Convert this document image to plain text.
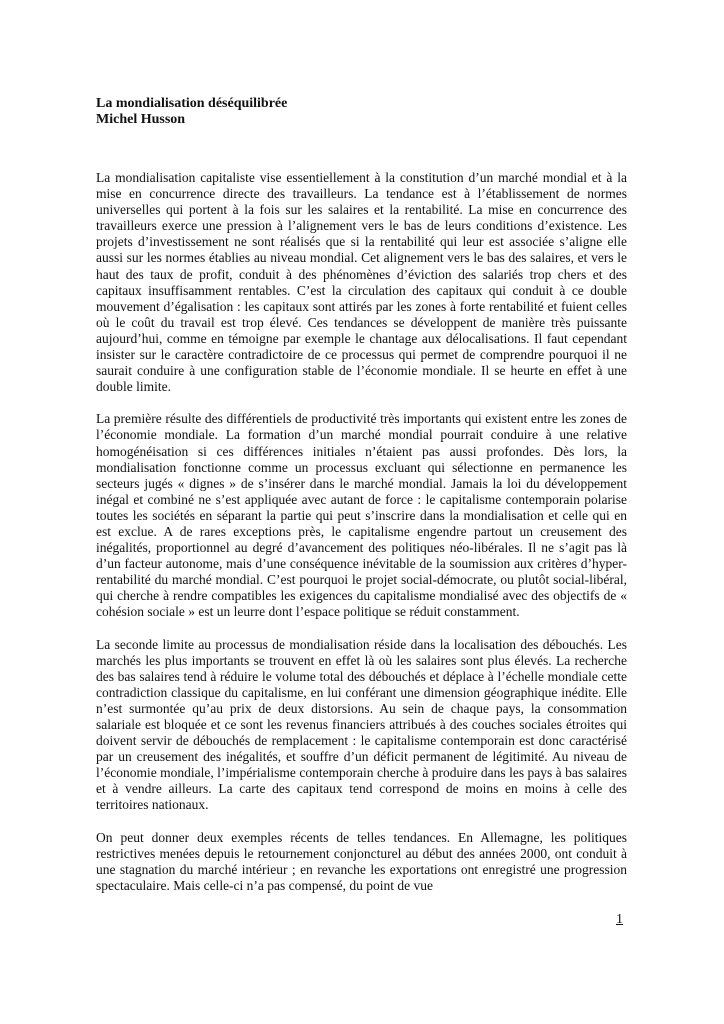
La mondialisation déséquilibrée
Michel Husson

La mondialisation capitaliste vise essentiellement à la constitution d’un marché mondial et à la mise en concurrence directe des travailleurs. La tendance est à l’établissement de normes universelles qui portent à la fois sur les salaires et la rentabilité. La mise en concurrence des travailleurs exerce une pression à l’alignement vers le bas de leurs conditions d’existence. Les projets d’investissement ne sont réalisés que si la rentabilité qui leur est associée s’aligne elle aussi sur les normes établies au niveau mondial. Cet alignement vers le bas des salaires, et vers le haut des taux de profit, conduit à des phénomènes d’éviction des salariés trop chers et des capitaux insuffisamment rentables. C’est la circulation des capitaux qui conduit à ce double mouvement d’égalisation : les capitaux sont attirés par les zones à forte rentabilité et fuient celles où le coût du travail est trop élevé. Ces tendances se développent de manière très puissante aujourd’hui, comme en témoigne par exemple le chantage aux délocalisations. Il faut cependant insister sur le caractère contradictoire de ce processus qui permet de comprendre pourquoi il ne saurait conduire à une configuration stable de l’économie mondiale. Il se heurte en effet à une double limite.

La première résulte des différentiels de productivité très importants qui existent entre les zones de l’économie mondiale. La formation d’un marché mondial pourrait conduire à une relative homogénéisation si ces différences initiales n’étaient pas aussi profondes. Dès lors, la mondialisation fonctionne comme un processus excluant qui sélectionne en permanence les secteurs jugés « dignes » de s’insérer dans le marché mondial. Jamais la loi du développement inégal et combiné ne s’est appliquée avec autant de force : le capitalisme contemporain polarise toutes les sociétés en séparant la partie qui peut s’inscrire dans la mondialisation et celle qui en est exclue. A de rares exceptions près, le capitalisme engendre partout un creusement des inégalités, proportionnel au degré d’avancement des politiques néo-libérales. Il ne s’agit pas là d’un facteur autonome, mais d’une conséquence inévitable de la soumission aux critères d’hyper-rentabilité du marché mondial. C’est pourquoi le projet social-démocrate, ou plutôt social-libéral, qui cherche à rendre compatibles les exigences du capitalisme mondialisé avec des objectifs de « cohésion sociale » est un leurre dont l’espace politique se réduit constamment.

La seconde limite au processus de mondialisation réside dans la localisation des débouchés. Les marchés les plus importants se trouvent en effet là où les salaires sont plus élevés. La recherche des bas salaires tend à réduire le volume total des débouchés et déplace à l’échelle mondiale cette contradiction classique du capitalisme, en lui conférant une dimension géographique inédite. Elle n’est surmontée qu’au prix de deux distorsions. Au sein de chaque pays, la consommation salariale est bloquée et ce sont les revenus financiers attribués à des couches sociales étroites qui doivent servir de débouchés de remplacement : le capitalisme contemporain est donc caractérisé par un creusement des inégalités, et souffre d’un déficit permanent de légitimité. Au niveau de l’économie mondiale, l’impérialisme contemporain cherche à produire dans les pays à bas salaires et à vendre ailleurs. La carte des capitaux tend correspond de moins en moins à celle des territoires nationaux.

On peut donner deux exemples récents de telles tendances. En Allemagne, les politiques restrictives menées depuis le retournement conjoncturel au début des années 2000, ont conduit à une stagnation du marché intérieur ; en revanche les exportations ont enregistré une progression spectaculaire. Mais celle-ci n’a pas compensé, du point de vue

1
